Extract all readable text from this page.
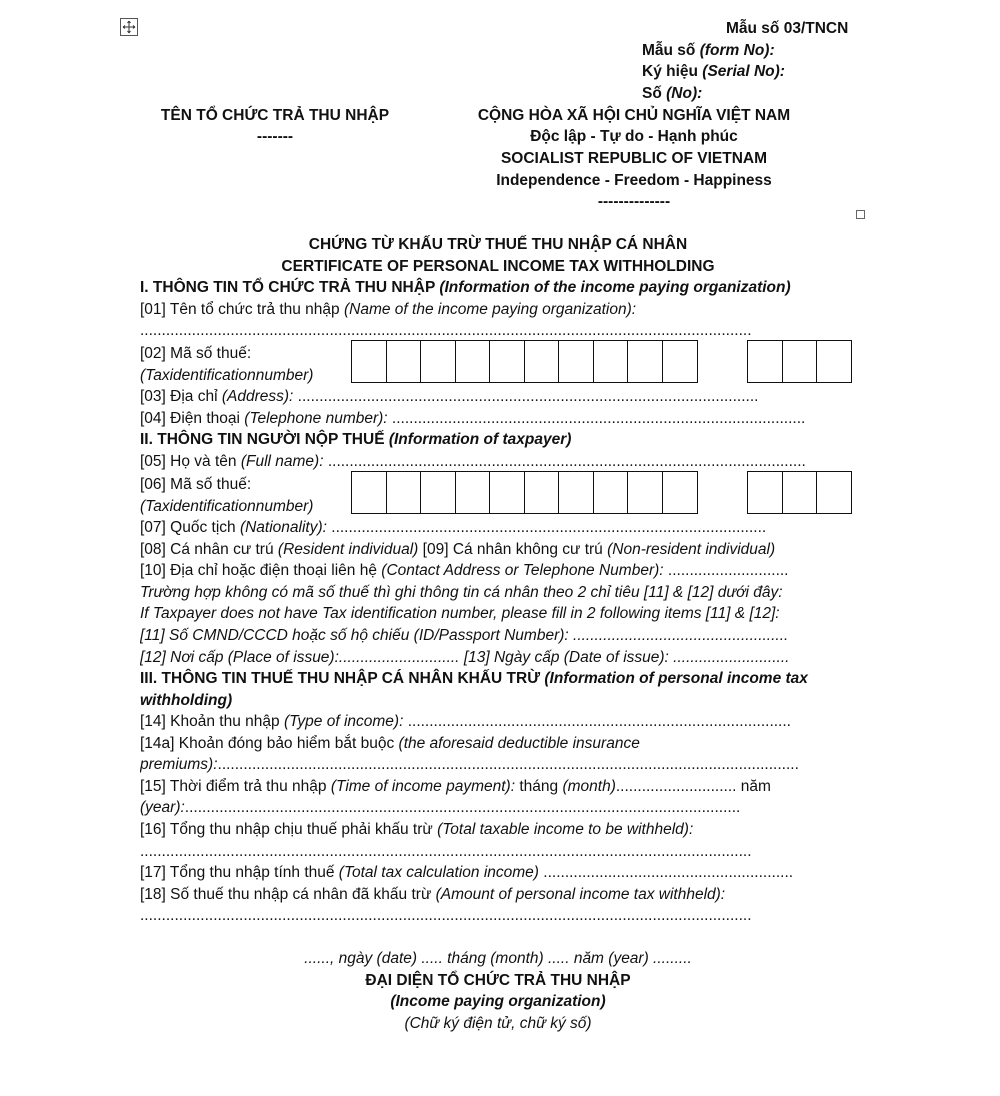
Mẫu số 03/TNCN
Mẫu số (form No):
Ký hiệu (Serial No):
Số (No):
TÊN TỔ CHỨC TRẢ THU NHẬP
-------
CỘNG HÒA XÃ HỘI CHỦ NGHĨA VIỆT NAM
Độc lập - Tự do - Hạnh phúc
SOCIALIST REPUBLIC OF VIETNAM
Independence - Freedom - Happiness
--------------
CHỨNG TỪ KHẤU TRỪ THUẾ THU NHẬP CÁ NHÂN
CERTIFICATE OF PERSONAL INCOME TAX WITHHOLDING
I. THÔNG TIN TỔ CHỨC TRẢ THU NHẬP (Information of the income paying organization)
[01] Tên tổ chức trả thu nhập (Name of the income paying organization):
..............................................................................................................................................
[02] Mã số thuế:
(Taxidentificationnumber)
[03] Địa chỉ (Address): ...........................................................................................................
[04] Điện thoại (Telephone number): ................................................................................................
II. THÔNG TIN NGƯỜI NỘP THUẾ (Information of taxpayer)
[05] Họ và tên (Full name): ...............................................................................................................
[06] Mã số thuế:
(Taxidentificationnumber)
[07] Quốc tịch (Nationality): .....................................................................................................
[08] Cá nhân cư trú (Resident individual) [09] Cá nhân không cư trú (Non-resident individual)
[10] Địa chỉ hoặc điện thoại liên hệ (Contact Address or Telephone Number): ............................
Trường hợp không có mã số thuế thì ghi thông tin cá nhân theo 2 chỉ tiêu [11] & [12] dưới đây:
If Taxpayer does not have Tax identification number, please fill in 2 following items [11] & [12]:
[11] Số CMND/CCCD hoặc số hộ chiếu (ID/Passport Number): ..................................................
[12] Nơi cấp (Place of issue):............................ [13] Ngày cấp (Date of issue): ...........................
III. THÔNG TIN THUẾ THU NHẬP CÁ NHÂN KHẤU TRỪ (Information of personal income tax
withholding)
[14] Khoản thu nhập (Type of income): .........................................................................................
[14a] Khoản đóng bảo hiểm bắt buộc (the aforesaid deductible insurance
premiums):.......................................................................................................................................
[15] Thời điểm trả thu nhập (Time of income payment): tháng (month)............................ năm
(year):.................................................................................................................................
[16] Tổng thu nhập chịu thuế phải khấu trừ (Total taxable income to be withheld):
..............................................................................................................................................
[17] Tổng thu nhập tính thuế (Total tax calculation income) ..........................................................
[18] Số thuế thu nhập cá nhân đã khấu trừ (Amount of personal income tax withheld):
..............................................................................................................................................
......, ngày (date) ..... tháng (month) ..... năm (year) .........
ĐẠI DIỆN TỔ CHỨC TRẢ THU NHẬP
(Income paying organization)
(Chữ ký điện tử, chữ ký số)
